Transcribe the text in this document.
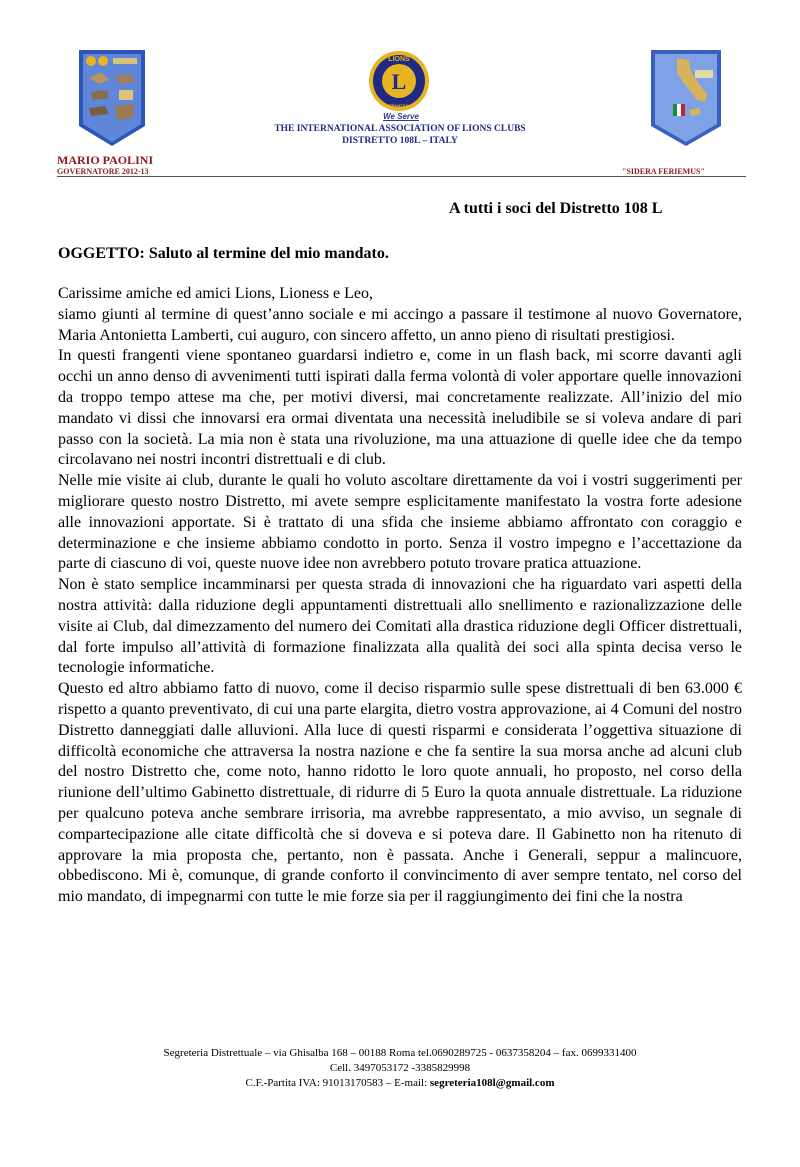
L
LIONS
INTERNATIONAL
We Serve
THE INTERNATIONAL ASSOCIATION OF LIONS CLUBS
DISTRETTO 108L – ITALY
MARIO PAOLINI
GOVERNATORE 2012-13	"SIDERA FERIEMUS"
A tutti i soci del Distretto 108 L
OGGETTO: Saluto al termine del mio mandato.

Carissime amiche ed amici Lions, Lioness e Leo,

siamo giunti al termine di quest’anno sociale e mi accingo a passare il testimone al nuovo Governatore, Maria Antonietta Lamberti, cui auguro, con sincero affetto, un anno pieno di risultati prestigiosi.

In questi frangenti viene spontaneo guardarsi indietro e, come in un flash back, mi scorre davanti agli occhi un anno denso di avvenimenti tutti ispirati dalla ferma volontà di voler apportare quelle innovazioni da troppo tempo attese ma che, per motivi diversi, mai concretamente realizzate. All’inizio del mio mandato vi dissi che innovarsi era ormai diventata una necessità ineludibile se si voleva andare di pari passo con la società. La mia non è stata una rivoluzione, ma una attuazione di quelle idee che da tempo circolavano nei nostri incontri distrettuali e di club.

Nelle mie visite ai club, durante le quali ho voluto ascoltare direttamente da voi i vostri suggerimenti per migliorare questo nostro Distretto, mi avete sempre esplicitamente manifestato la vostra forte adesione alle innovazioni apportate. Si è trattato di una sfida che insieme abbiamo affrontato con coraggio e determinazione e che insieme abbiamo condotto in porto. Senza il vostro impegno e l’accettazione da parte di ciascuno di voi, queste nuove idee non avrebbero potuto trovare pratica attuazione.

Non è stato semplice incamminarsi per questa strada di innovazioni che ha riguardato vari aspetti della nostra attività: dalla riduzione degli appuntamenti distrettuali allo snellimento e razionalizzazione delle visite ai Club, dal dimezzamento del numero dei Comitati alla drastica riduzione degli Officer distrettuali, dal forte impulso all’attività di formazione finalizzata alla qualità dei soci alla spinta decisa verso le tecnologie informatiche.

Questo ed altro abbiamo fatto di nuovo, come il deciso risparmio sulle spese distrettuali di ben 63.000 € rispetto a quanto preventivato, di cui una parte elargita, dietro vostra approvazione, ai 4 Comuni del nostro Distretto danneggiati dalle alluvioni. Alla luce di questi risparmi e considerata l’oggettiva situazione di difficoltà economiche che attraversa la nostra nazione e che fa sentire la sua morsa anche ad alcuni club del nostro Distretto che, come noto, hanno ridotto le loro quote annuali, ho proposto, nel corso della riunione dell’ultimo Gabinetto distrettuale, di ridurre di 5 Euro la quota annuale distrettuale. La riduzione per qualcuno poteva anche sembrare irrisoria, ma avrebbe rappresentato, a mio avviso, un segnale di compartecipazione alle citate difficoltà che si doveva e si poteva dare. Il Gabinetto non ha ritenuto di approvare la mia proposta che, pertanto, non è passata. Anche i Generali, seppur a malincuore, obbediscono. Mi è, comunque, di grande conforto il convincimento di aver sempre tentato, nel corso del mio mandato, di impegnarmi con tutte le mie forze sia per il raggiungimento dei fini che la nostra

Segreteria Distrettuale – via Ghisalba 168 – 00188 Roma tel.0690289725 - 0637358204 – fax. 0699331400
Cell. 3497053172 -3385829998
C.F.-Partita IVA: 91013170583 – E-mail: segreteria108l@gmail.com
